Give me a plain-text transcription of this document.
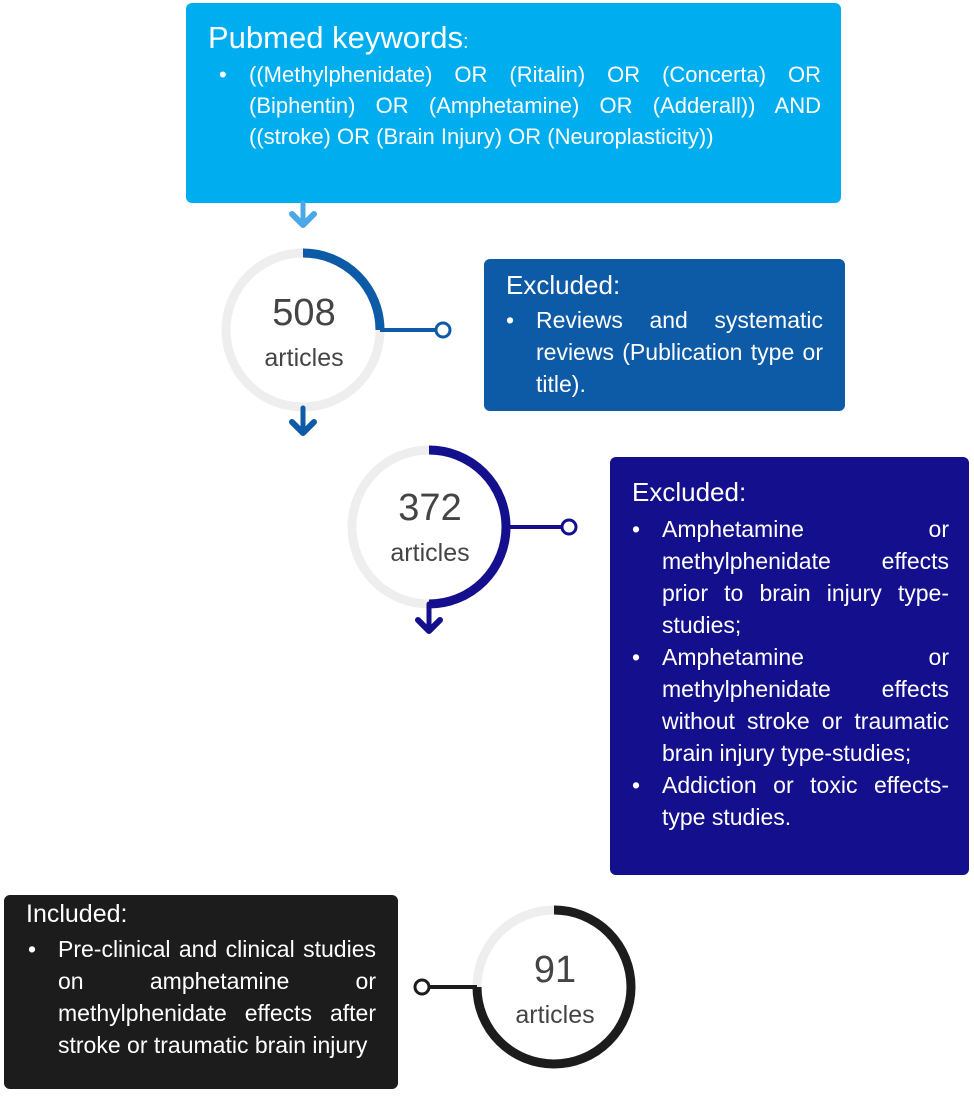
Pubmed keywords:

• ((Methylphenidate) OR (Ritalin) OR (Concerta) OR (Biphentin) OR (Amphetamine) OR (Adderall)) AND ((stroke) OR (Brain Injury) OR (Neuroplasticity))

Excluded:

• Reviews and systematic reviews (Publication type or title).

Excluded:

• Amphetamine or methylphenidate effects prior to brain injury type-studies;
• Amphetamine or methylphenidate effects without stroke or traumatic brain injury type-studies;
• Addiction or toxic effects-type studies.

Included:

• Pre-clinical and clinical studies on amphetamine or methylphenidate effects after stroke or traumatic brain injury
508
articles
372
articles
91
articles
